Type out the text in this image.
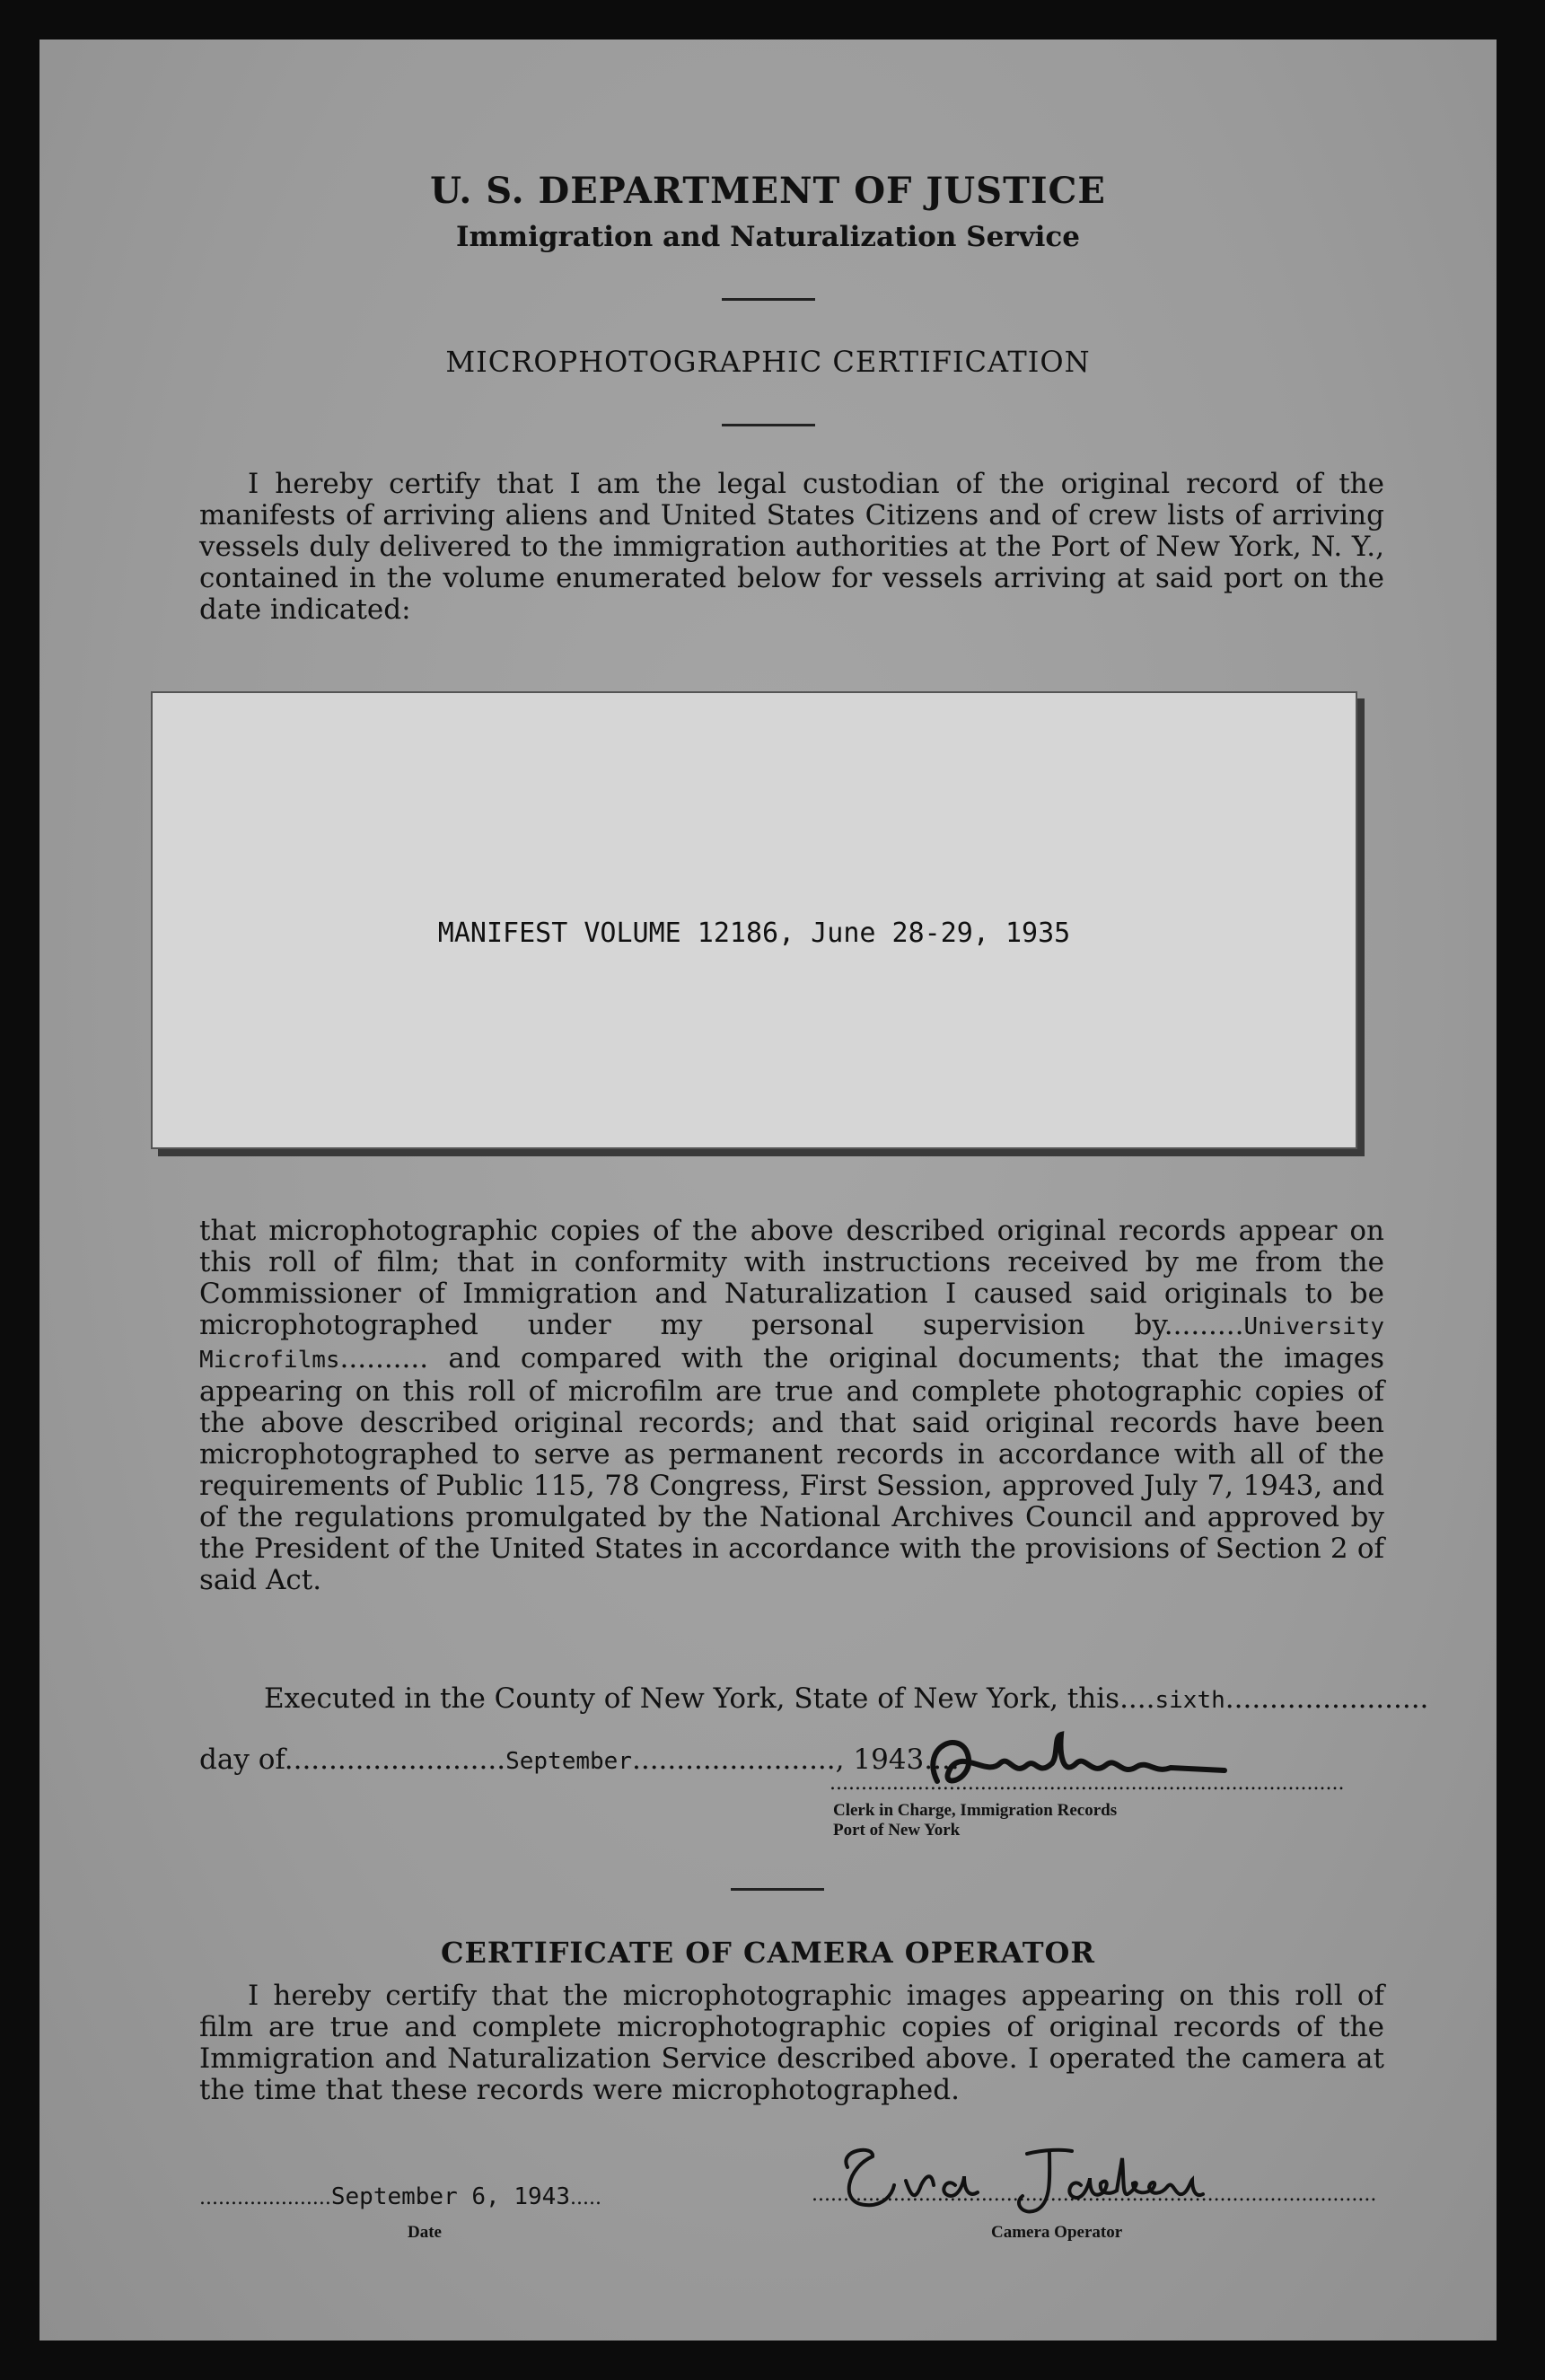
U. S. DEPARTMENT OF JUSTICE
Immigration and Naturalization Service
MICROPHOTOGRAPHIC CERTIFICATION

I hereby certify that I am the legal custodian of the original record of the manifests of arriving aliens and United States Citizens and of crew lists of arriving vessels duly delivered to the immigration authorities at the Port of New York, N. Y., contained in the volume enumerated below for vessels arriving at said port on the date indicated:

MANIFEST VOLUME 12186, June 28-29, 1935

that microphotographic copies of the above described original records appear on this roll of film; that in conformity with instructions received by me from the Commissioner of Immigration and Naturalization I caused said originals to be microphotographed under my personal supervision by.........University Microfilms.......... and compared with the original documents; that the images appearing on this roll of microfilm are true and complete photographic copies of the above described original records; and that said original records have been microphotographed to serve as permanent records in accordance with all of the requirements of Public 115, 78 Congress, First Session, approved July 7, 1943, and of the regulations promulgated by the National Archives Council and approved by the President of the United States in accordance with the provisions of Section 2 of said Act.

Executed in the County of New York, State of New York, this....sixth.......................
day of.........................September......................., 1943....
..................................................................................
Clerk in Charge, Immigration Records
Port of New York
CERTIFICATE OF CAMERA OPERATOR

I hereby certify that the microphotographic images appearing on this roll of film are true and complete microphotographic copies of original records of the Immigration and Naturalization Service described above. I operated the camera at the time that these records were microphotographed.

.....................September 6, 1943.....
Date
..........................................................................................
Camera Operator
